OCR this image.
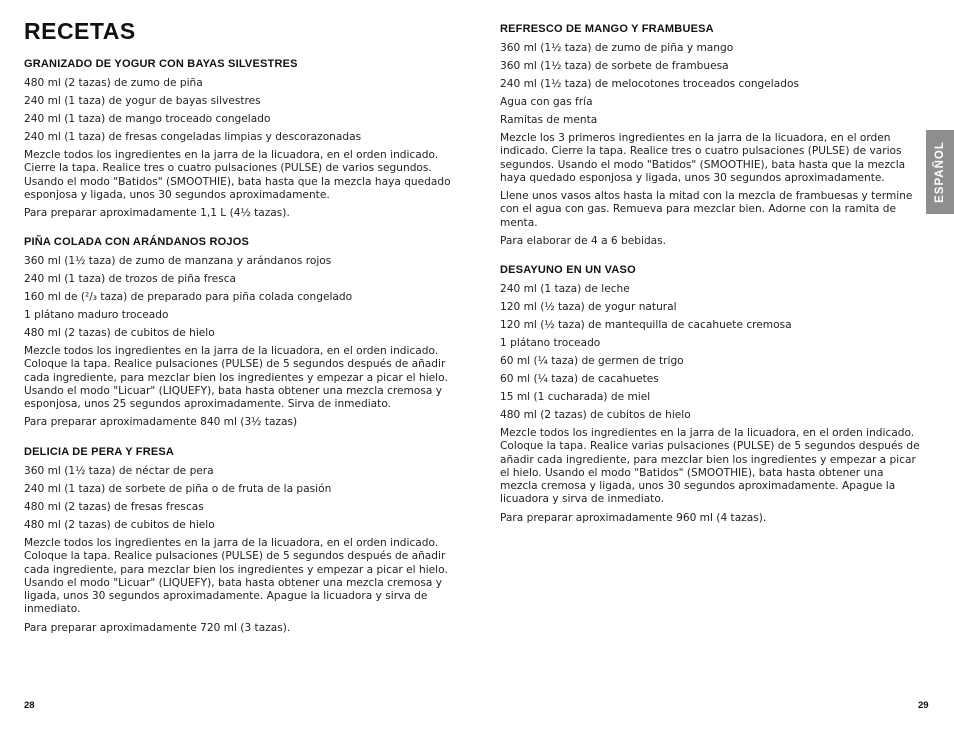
RECETAS
GRANIZADO DE YOGUR CON BAYAS SILVESTRES
480 ml (2 tazas) de zumo de piña
240 ml (1 taza) de yogur de bayas silvestres
240 ml (1 taza) de mango troceado congelado
240 ml (1 taza) de fresas congeladas limpias y descorazonadas

Mezcle todos los ingredientes en la jarra de la licuadora, en el orden indicado. Cierre la tapa. Realice tres o cuatro pulsaciones (PULSE) de varios segundos. Usando el modo "Batidos" (SMOOTHIE), bata hasta que la mezcla haya quedado esponjosa y ligada, unos 30 segundos aproximadamente.

Para preparar aproximadamente 1,1 L (4½ tazas).

PIÑA COLADA CON ARÁNDANOS ROJOS
360 ml (1½ taza) de zumo de manzana y arándanos rojos
240 ml (1 taza) de trozos de piña fresca
160 ml de (²/₃ taza) de preparado para piña colada congelado
1 plátano maduro troceado
480 ml (2 tazas) de cubitos de hielo

Mezcle todos los ingredientes en la jarra de la licuadora, en el orden indicado. Coloque la tapa. Realice pulsaciones (PULSE) de 5 segundos después de añadir cada ingrediente, para mezclar bien los ingredientes y empezar a picar el hielo. Usando el modo "Licuar" (LIQUEFY), bata hasta obtener una mezcla cremosa y esponjosa, unos 25 segundos aproximadamente. Sirva de inmediato.

Para preparar aproximadamente 840 ml (3½ tazas)

DELICIA DE PERA Y FRESA
360 ml (1½ taza) de néctar de pera
240 ml (1 taza) de sorbete de piña o de fruta de la pasión
480 ml (2 tazas) de fresas frescas
480 ml (2 tazas) de cubitos de hielo

Mezcle todos los ingredientes en la jarra de la licuadora, en el orden indicado. Coloque la tapa. Realice pulsaciones (PULSE) de 5 segundos después de añadir cada ingrediente, para mezclar bien los ingredientes y empezar a picar el hielo. Usando el modo "Licuar" (LIQUEFY), bata hasta obtener una mezcla cremosa y ligada, unos 30 segundos aproximadamente. Apague la licuadora y sirva de inmediato.

Para preparar aproximadamente 720 ml (3 tazas).

REFRESCO DE MANGO Y FRAMBUESA
360 ml (1½ taza) de zumo de piña y mango
360 ml (1½ taza) de sorbete de frambuesa
240 ml (1½ taza) de melocotones troceados congelados
Agua con gas fría
Ramitas de menta

Mezcle los 3 primeros ingredientes en la jarra de la licuadora, en el orden indicado. Cierre la tapa. Realice tres o cuatro pulsaciones (PULSE) de varios segundos. Usando el modo "Batidos" (SMOOTHIE), bata hasta que la mezcla haya quedado esponjosa y ligada, unos 30 segundos aproximadamente.

Llene unos vasos altos hasta la mitad con la mezcla de frambuesas y termine con el agua con gas. Remueva para mezclar bien. Adorne con la ramita de menta.

Para elaborar de 4 a 6 bebidas.

DESAYUNO EN UN VASO
240 ml (1 taza) de leche
120 ml (½ taza) de yogur natural
120 ml (½ taza) de mantequilla de cacahuete cremosa
1 plátano troceado
60 ml (¼ taza) de germen de trigo
60 ml (¼ taza) de cacahuetes
15 ml (1 cucharada) de miel
480 ml (2 tazas) de cubitos de hielo

Mezcle todos los ingredientes en la jarra de la licuadora, en el orden indicado. Coloque la tapa. Realice varias pulsaciones (PULSE) de 5 segundos después de añadir cada ingrediente, para mezclar bien los ingredientes y empezar a picar el hielo. Usando el modo "Batidos" (SMOOTHIE), bata hasta obtener una mezcla cremosa y ligada, unos 30 segundos aproximadamente. Apague la licuadora y sirva de inmediato.

Para preparar aproximadamente 960 ml (4 tazas).

ESPAÑOL
28	29
